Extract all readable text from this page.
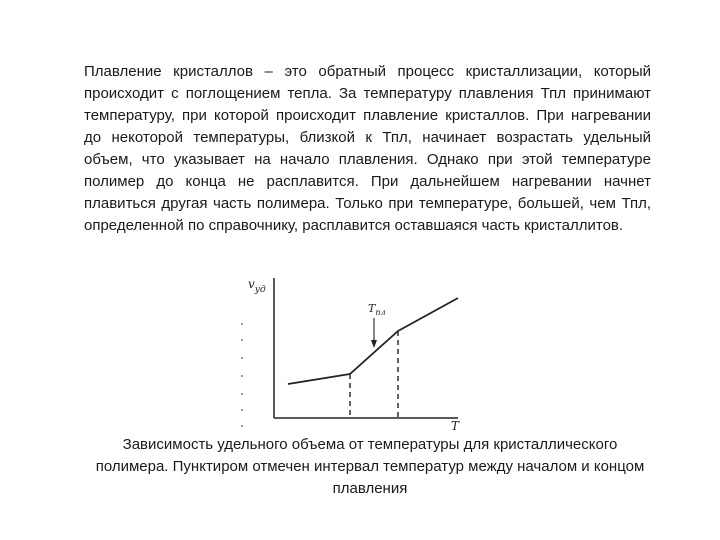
Плавление кристаллов – это обратный процесс кристаллизации, который происходит с поглощением тепла. За температуру плавления Тпл принимают температуру, при которой происходит плавление кристаллов. При нагревании до некоторой температуры, близкой к Тпл, начинает возрастать удельный объем, что указывает на начало плавления. Однако при этой температуре полимер до конца не расплавится. При дальнейшем нагревании начнет плавиться другая часть полимера. Только при температуре, большей, чем Тпл, определенной по справочнику, расплавится оставшаяся часть кристаллитов.

$v_{уд}$
T
$T_{пл}$

Зависимость удельного объема от температуры для кристаллического полимера. Пунктиром отмечен интервал температур между началом и концом плавления
